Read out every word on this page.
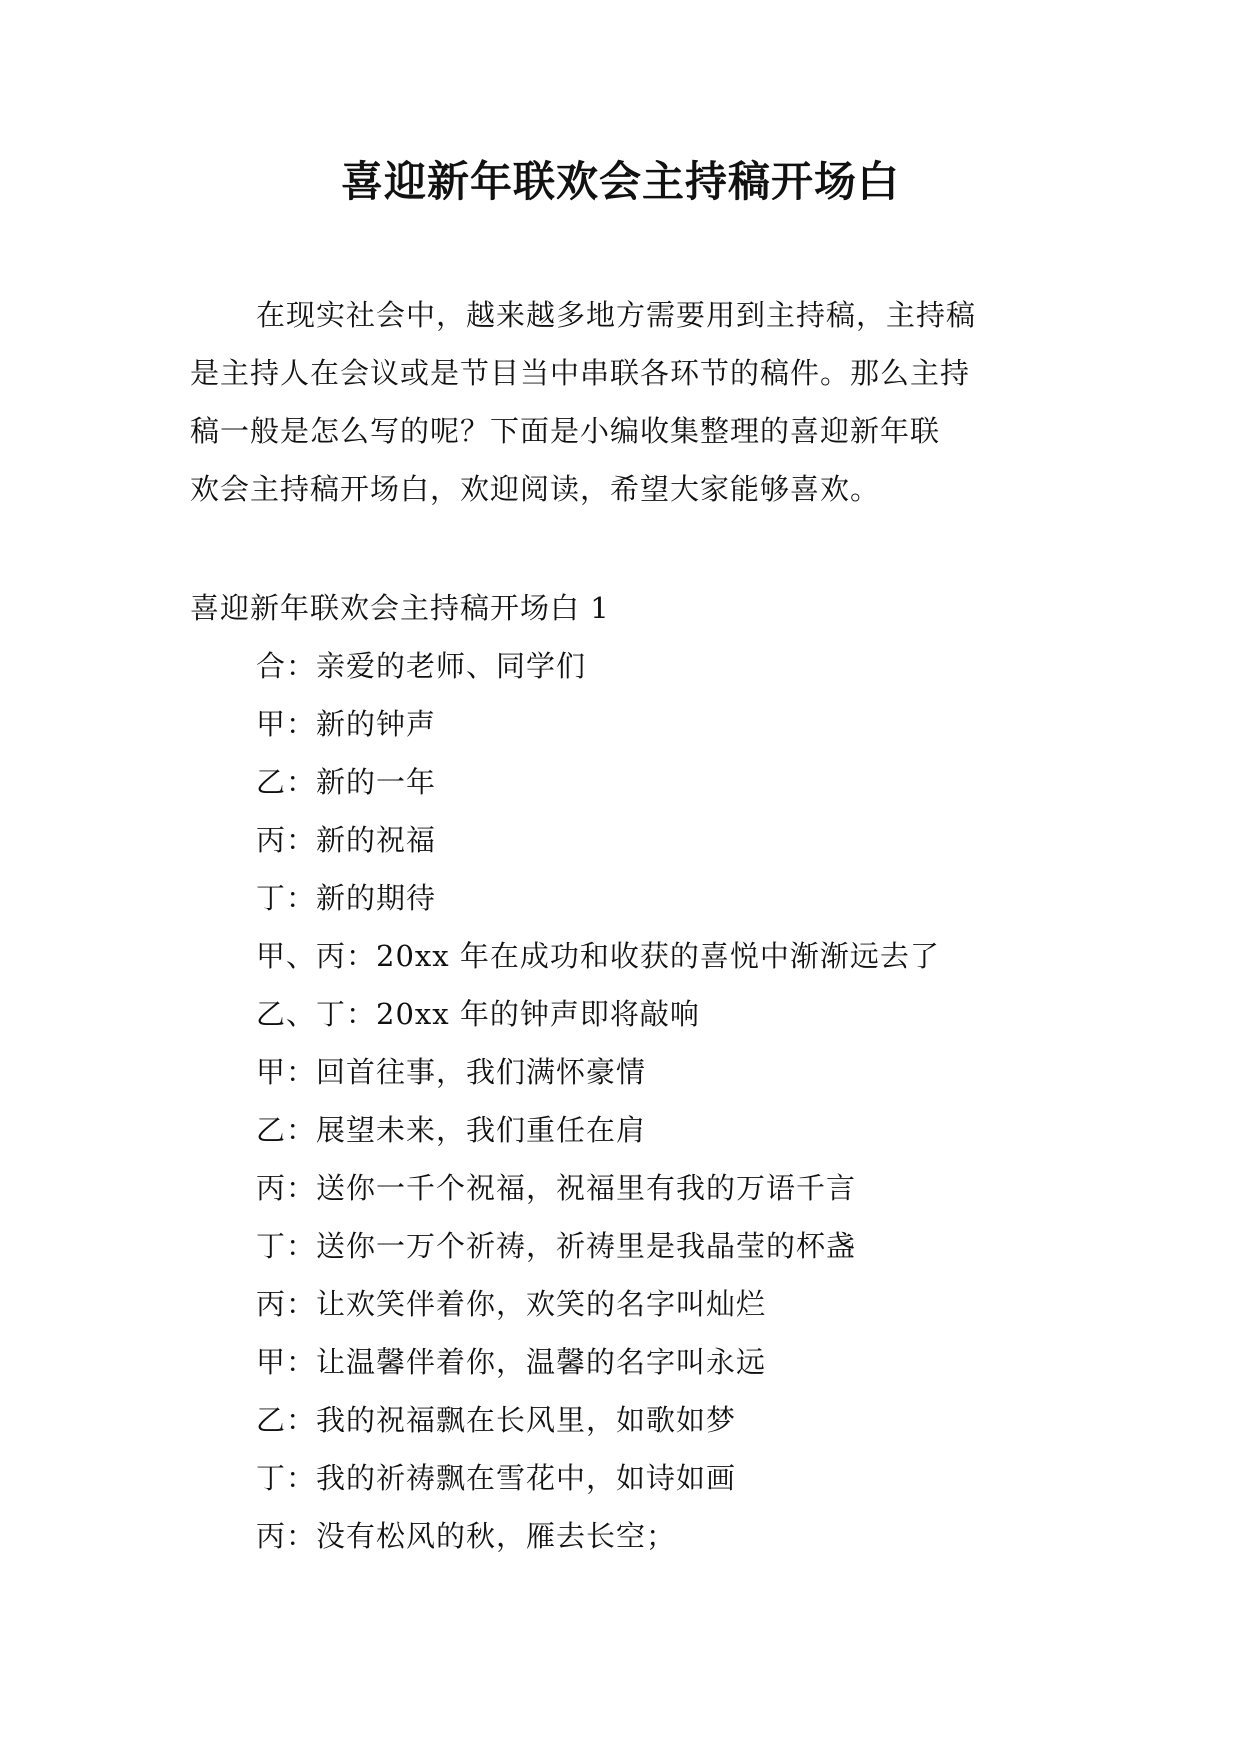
喜迎新年联欢会主持稿开场白
在现实社会中，越来越多地方需要用到主持稿，主持稿
是主持人在会议或是节目当中串联各环节的稿件。那么主持
稿一般是怎么写的呢？下面是小编收集整理的喜迎新年联
欢会主持稿开场白，欢迎阅读，希望大家能够喜欢。
喜迎新年联欢会主持稿开场白 1
合：亲爱的老师、同学们
甲：新的钟声
乙：新的一年
丙：新的祝福
丁：新的期待
甲、丙：20xx 年在成功和收获的喜悦中渐渐远去了
乙、丁：20xx 年的钟声即将敲响
甲：回首往事，我们满怀豪情
乙：展望未来，我们重任在肩
丙：送你一千个祝福，祝福里有我的万语千言
丁：送你一万个祈祷，祈祷里是我晶莹的杯盏
丙：让欢笑伴着你，欢笑的名字叫灿烂
甲：让温馨伴着你，温馨的名字叫永远
乙：我的祝福飘在长风里，如歌如梦
丁：我的祈祷飘在雪花中，如诗如画
丙：没有松风的秋，雁去长空；
